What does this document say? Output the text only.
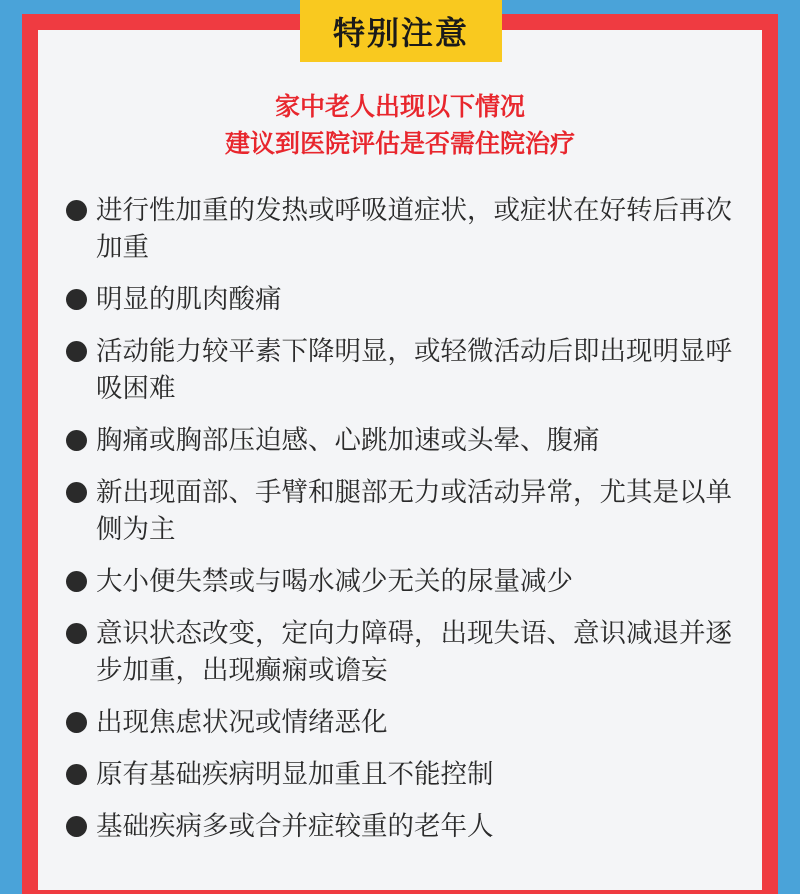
特别注意
家中老人出现以下情况
建议到医院评估是否需住院治疗
进行性加重的发热或呼吸道症状，或症状在好转后再次加重
明显的肌肉酸痛
活动能力较平素下降明显，或轻微活动后即出现明显呼吸困难
胸痛或胸部压迫感、心跳加速或头晕、腹痛
新出现面部、手臂和腿部无力或活动异常，尤其是以单侧为主
大小便失禁或与喝水减少无关的尿量减少
意识状态改变，定向力障碍，出现失语、意识减退并逐步加重，出现癫痫或谵妄
出现焦虑状况或情绪恶化
原有基础疾病明显加重且不能控制
基础疾病多或合并症较重的老年人
